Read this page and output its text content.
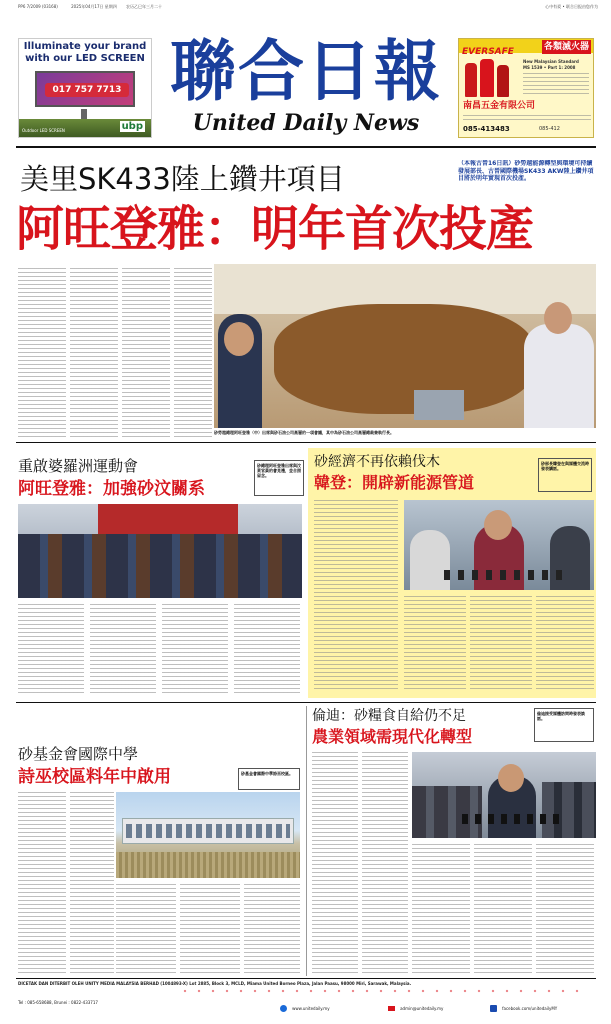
PP6 7/2009 (03168)	2025年04月17日 星期四 农历乙巳年三月二十	心中有爱 • 联合日报由您作为
Illuminate your brand with our LED SCREEN
017 757 7713
Outdoor LED SCREEN	ubp
聯合日報
United Daily News
EVERSAFE	各類滅火器
New Malaysian Standard
MS 1539 • Part 1: 2008
南昌五金有限公司
085-413483	085-412
美里SK433陸上鑽井項目	（本報古晉16日訊）砂勞越能源轉型與環境可持續發展部長、古晉國際機場SK433 AKW陸上鑽井項目將於明年實現首次投產。
阿旺登雅：明年首次投產
砂勞越總理阿旺登雅（中）出席與砂石油公司高層的一項會議，其中為砂石油公司高層總裁兼執行長。
重啟婆羅洲運動會
阿旺登雅：加強砂汶關系
砂總理阿旺登雅出席與汶萊官員的會見禮，並合照留念。
砂經濟不再依賴伐木
韓登：開辟新能源管道
砂部長韓登在與媒體交流時發表講話。
砂基金會國際中學
詩巫校區料年中啟用	砂基金會國際中學詩巫校區。
倫迪：砂糧食自給仍不足
農業領域需現代化轉型
倫迪接受媒體訪問時發表談話。
DICETAK DAN DITERBIT OLEH UNITY MEDIA MALAYSIA BERHAD (1004893-X) Lot 2885, Block 3, MCLD, Miama United Borneo Plaza, Jalan Paasu, 98000 Miri, Sarawak, Malaysia.
Tel : 085-658688, Brunei : 0822-433717
www.unitedaily.my	admin@unitedaily.my	facebook.com/unitedailyMY
